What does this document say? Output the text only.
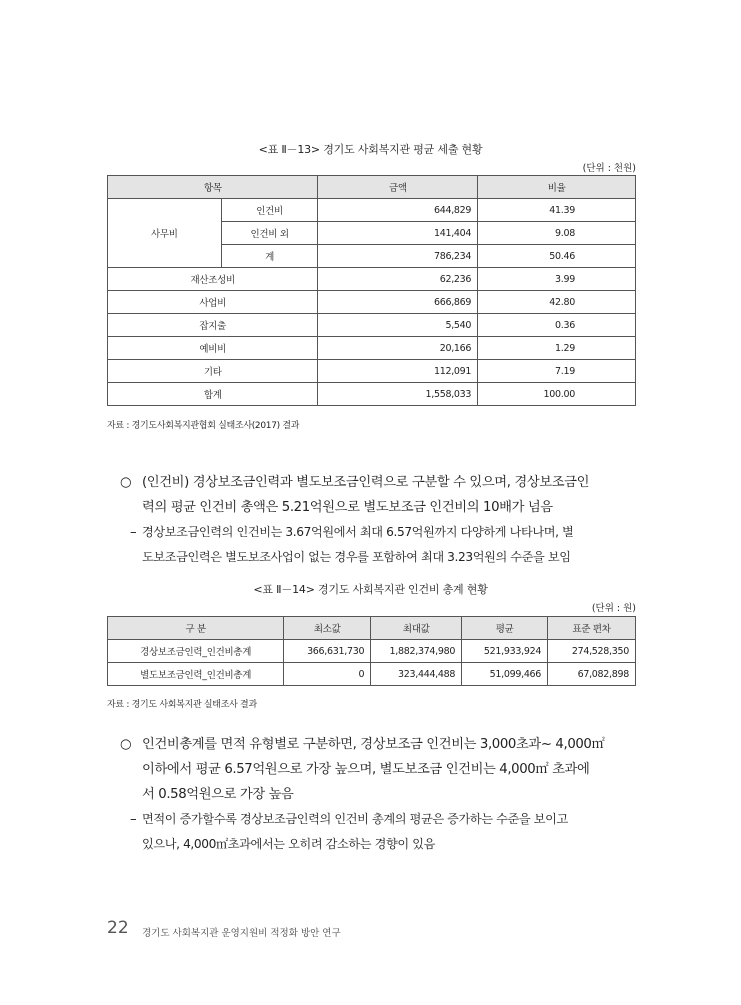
<표 Ⅱ－13> 경기도 사회복지관 평균 세출 현황
(단위 : 천원)
항목		금액	비율
사무비	인건비	644,829	41.39
	인건비 외	141,404	9.08
	계	786,234	50.46
재산조성비		62,236	3.99
사업비		666,869	42.80
잡지출		5,540	0.36
예비비		20,166	1.29
기타		112,091	7.19
합계		1,558,033	100.00
자료 : 경기도사회복지관협회 실태조사(2017) 결과
○ (인건비) 경상보조금인력과 별도보조금인력으로 구분할 수 있으며, 경상보조금인
력의 평균 인건비 총액은 5.21억원으로 별도보조금 인건비의 10배가 넘음
– 경상보조금인력의 인건비는 3.67억원에서 최대 6.57억원까지 다양하게 나타나며, 별
도보조금인력은 별도보조사업이 없는 경우를 포함하여 최대 3.23억원의 수준을 보임
<표 Ⅱ－14> 경기도 사회복지관 인건비 총계 현황
(단위 : 원)
구 분	최소값	최대값	평균	표준 편차
경상보조금인력_인건비총계	366,631,730	1,882,374,980	521,933,924	274,528,350
별도보조금인력_인건비총계	0	323,444,488	51,099,466	67,082,898
자료 : 경기도 사회복지관 실태조사 결과
○ 인건비총계를 면적 유형별로 구분하면, 경상보조금 인건비는 3,000초과~ 4,000㎡
이하에서 평균 6.57억원으로 가장 높으며, 별도보조금 인건비는 4,000㎡ 초과에
서 0.58억원으로 가장 높음
– 면적이 증가할수록 경상보조금인력의 인건비 총계의 평균은 증가하는 수준을 보이고
있으나, 4,000㎡초과에서는 오히려 감소하는 경향이 있음
22 경기도 사회복지관 운영지원비 적정화 방안 연구
